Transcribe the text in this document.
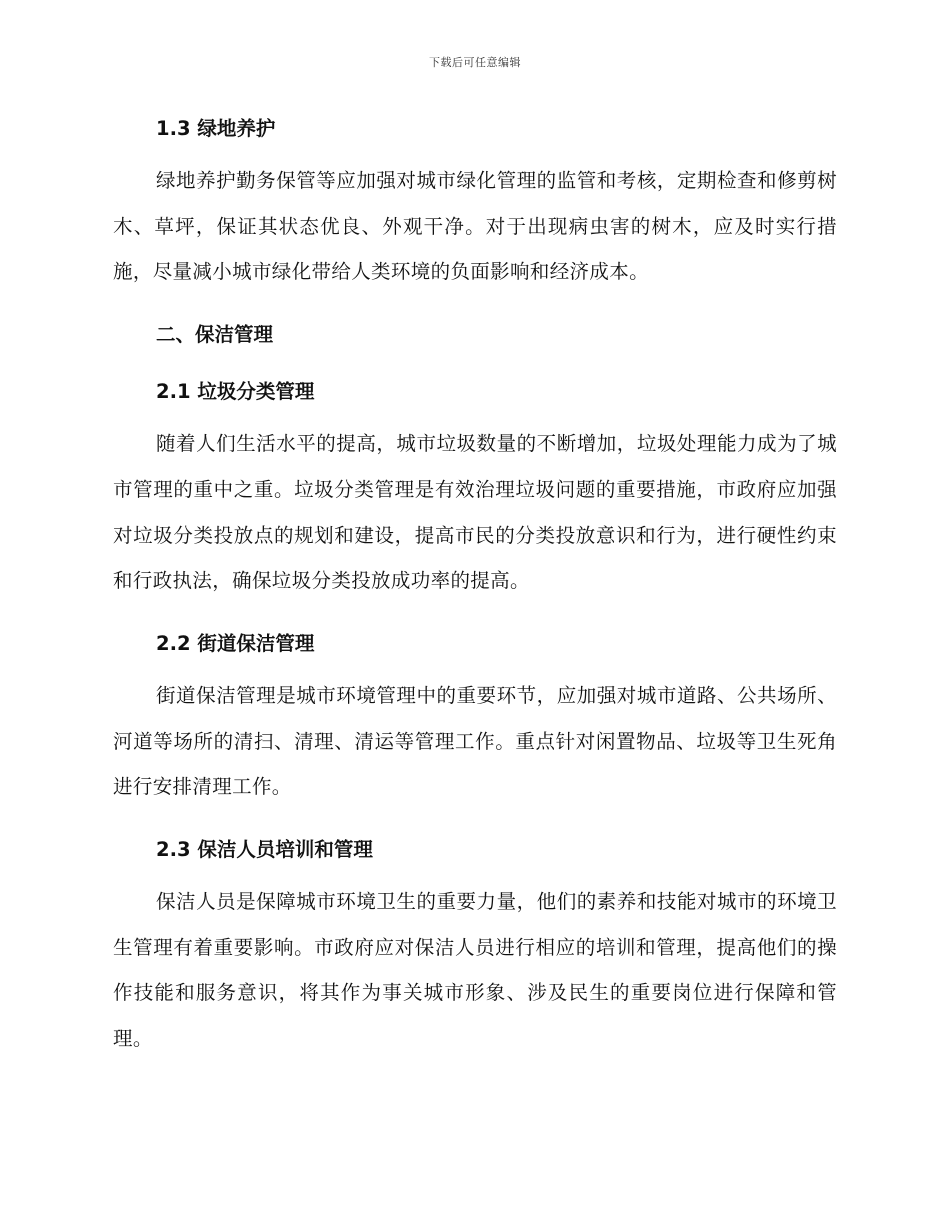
下载后可任意编辑
1.3 绿地养护

绿地养护勤务保管等应加强对城市绿化管理的监管和考核，定期检查和修剪树木、草坪，保证其状态优良、外观干净。对于出现病虫害的树木，应及时实行措施，尽量减小城市绿化带给人类环境的负面影响和经济成本。

二、保洁管理
2.1 垃圾分类管理

随着人们生活水平的提高，城市垃圾数量的不断增加，垃圾处理能力成为了城市管理的重中之重。垃圾分类管理是有效治理垃圾问题的重要措施，市政府应加强对垃圾分类投放点的规划和建设，提高市民的分类投放意识和行为，进行硬性约束和行政执法，确保垃圾分类投放成功率的提高。

2.2 街道保洁管理

街道保洁管理是城市环境管理中的重要环节，应加强对城市道路、公共场所、河道等场所的清扫、清理、清运等管理工作。重点针对闲置物品、垃圾等卫生死角进行安排清理工作。

2.3 保洁人员培训和管理

保洁人员是保障城市环境卫生的重要力量，他们的素养和技能对城市的环境卫生管理有着重要影响。市政府应对保洁人员进行相应的培训和管理，提高他们的操作技能和服务意识，将其作为事关城市形象、涉及民生的重要岗位进行保障和管理。
